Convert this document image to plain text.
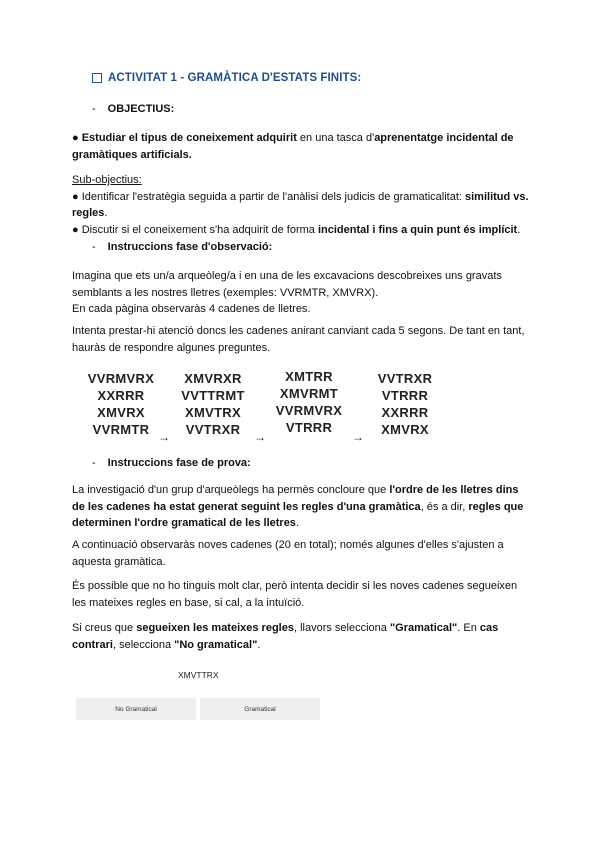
ACTIVITAT 1 - GRAMÀTICA D'ESTATS FINITS:
- OBJECTIUS:
● Estudiar el tipus de coneixement adquirit en una tasca d'aprenentatge incidental de gramàtiques artificials.
Sub-objectius:
● Identificar l'estratègia seguida a partir de l'anàlisi dels judicis de gramaticalitat: similitud vs. regles.
● Discutir si el coneixement s'ha adquirit de forma incidental i fins a quin punt és implícit.
- Instruccions fase d'observació:
Imagina que ets un/a arqueòleg/a i en una de les excavacions descobreixes uns gravats
semblants a les nostres lletres (exemples: VVRMTR, XMVRX).
En cada pàgina observaràs 4 cadenes de lletres.
Intenta prestar-hi atenció doncs les cadenes anirant canviant cada 5 segons. De tant en tant, hauràs de respondre algunes preguntes.
VVRMVRX
XXRRR
XMVRX
VVRMTR →
XMVRXR
VVTTRMT
XMVTRX
VVTRXR	→
XMTRR
XMVRMT
VVRMVRX
VTRRR
→
VVTRXR
VTRRR
XXRRR
XMVRX
- Instruccions fase de prova:
La investigació d'un grup d'arqueòlegs ha permès concloure que l'ordre de les lletres dins de les cadenes ha estat generat seguint les regles d'una gramàtica, és a dir, regles que determinen l'ordre gramatical de les lletres.
A continuació observaràs noves cadenes (20 en total); només algunes d'elles s'ajusten a aquesta gramàtica.
És possible que no ho tinguis molt clar, però intenta decidir si les noves cadenes segueixen les mateixes regles en base, si cal, a la intuïció.
Si creus que segueixen les mateixes regles, llavors selecciona "Gramatical". En cas contrari, selecciona "No gramatical".
XMVTTRX
No Gramatical	Gramatical
